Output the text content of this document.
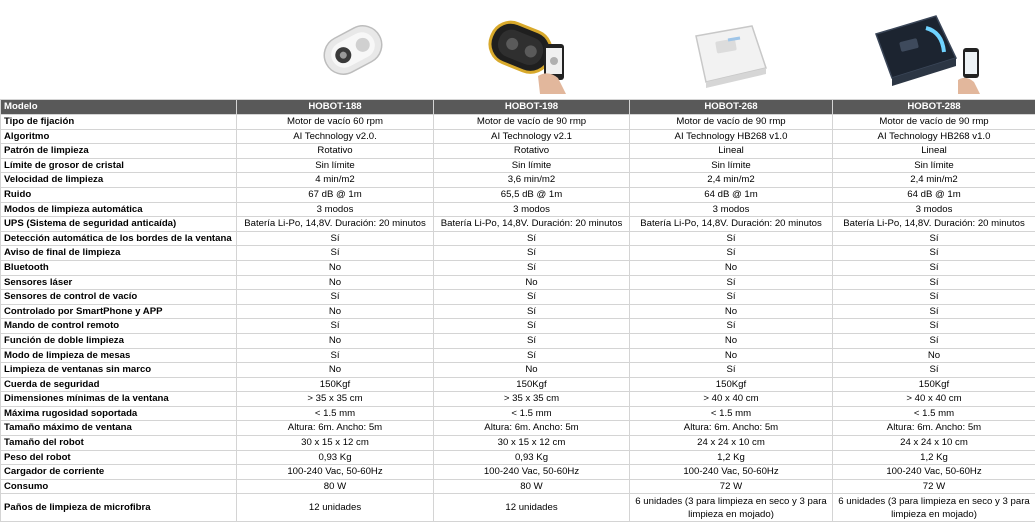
Modelo	HOBOT-188	HOBOT-198	HOBOT-268	HOBOT-288
Tipo de fijación	Motor de vacío 60 rpm	Motor de vacío de 90 rmp	Motor de vacío de 90 rmp	Motor de vacío de 90 rmp
Algoritmo	AI Technology v2.0.	AI Technology v2.1	AI Technology HB268 v1.0	AI Technology HB268 v1.0
Patrón de limpieza	Rotativo	Rotativo	Lineal	Lineal
Límite de grosor de cristal	Sin límite	Sin límite	Sin límite	Sin límite
Velocidad de limpieza	4 min/m2	3,6 min/m2	2,4 min/m2	2,4 min/m2
Ruido	67 dB @ 1m	65,5 dB @ 1m	64 dB @ 1m	64 dB @ 1m
Modos de limpieza automática	3 modos	3 modos	3 modos	3 modos
UPS (Sistema de seguridad anticaída)	Batería Li-Po, 14,8V. Duración: 20 minutos	Batería Li-Po, 14,8V. Duración: 20 minutos	Batería Li-Po, 14,8V. Duración: 20 minutos	Batería Li-Po, 14,8V. Duración: 20 minutos
Detección automática de los bordes de la ventana	Sí	Sí	Sí	Sí
Aviso de final de limpieza	Sí	Sí	Sí	Sí
Bluetooth	No	Sí	No	Sí
Sensores láser	No	No	Sí	Sí
Sensores de control de vacío	Sí	Sí	Sí	Sí
Controlado por SmartPhone y APP	No	Sí	No	Sí
Mando de control remoto	Sí	Sí	Sí	Sí
Función de doble limpieza	No	Sí	No	Sí
Modo de limpieza de mesas	Sí	Sí	No	No
Limpieza de ventanas sin marco	No	No	Sí	Sí
Cuerda de seguridad	150Kgf	150Kgf	150Kgf	150Kgf
Dimensiones mínimas de la ventana	> 35 x 35 cm	> 35 x 35 cm	> 40 x 40 cm	> 40 x 40 cm
Máxima rugosidad soportada	< 1.5 mm	< 1.5 mm	< 1.5 mm	< 1.5 mm
Tamaño máximo de ventana	Altura: 6m. Ancho: 5m	Altura: 6m. Ancho: 5m	Altura: 6m. Ancho: 5m	Altura: 6m. Ancho: 5m
Tamaño del robot	30 x 15 x 12 cm	30 x 15 x 12 cm	24 x 24 x 10 cm	24 x 24 x 10 cm
Peso del robot	0,93 Kg	0,93 Kg	1,2 Kg	1,2 Kg
Cargador de corriente	100-240 Vac, 50-60Hz	100-240 Vac, 50-60Hz	100-240 Vac, 50-60Hz	100-240 Vac, 50-60Hz
Consumo	80 W	80 W	72 W	72 W
Paños de limpieza de microfibra	12 unidades	12 unidades	6 unidades (3 para limpieza en seco y 3 para limpieza en mojado)	6 unidades (3 para limpieza en seco y 3 para limpieza en mojado)
